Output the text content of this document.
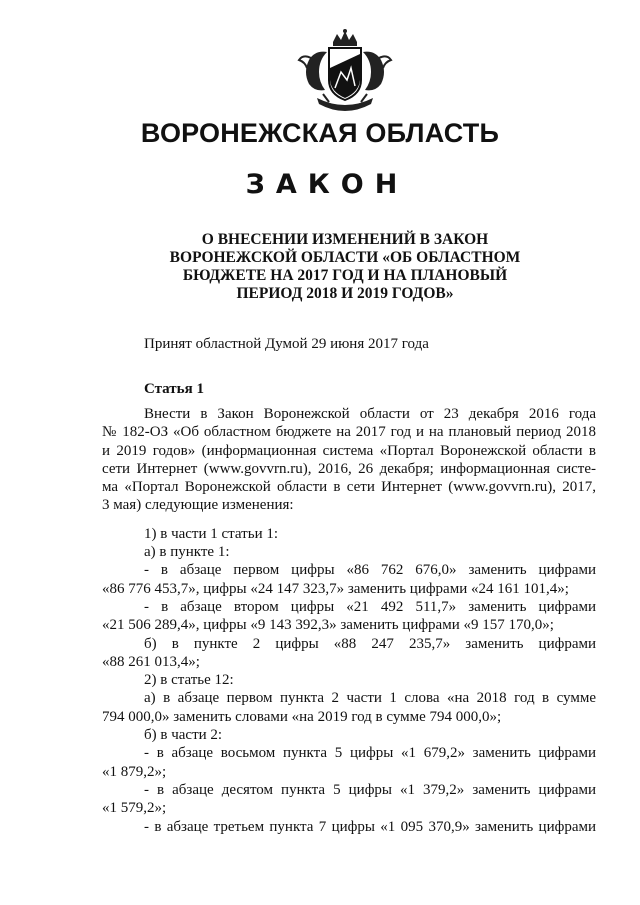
ВОРОНЕЖСКАЯ ОБЛАСТЬ
ЗАКОН
О ВНЕСЕНИИ ИЗМЕНЕНИЙ В ЗАКОН
ВОРОНЕЖСКОЙ ОБЛАСТИ «ОБ ОБЛАСТНОМ
БЮДЖЕТЕ НА 2017 ГОД И НА ПЛАНОВЫЙ
ПЕРИОД 2018 И 2019 ГОДОВ»
Принят областной Думой 29 июня 2017 года
Статья 1
Внести в Закон Воронежской области от 23 декабря 2016 года
№ 182-ОЗ «Об областном бюджете на 2017 год и на плановый период 2018
и 2019 годов» (информационная система «Портал Воронежской области в
сети Интернет (www.govvrn.ru), 2016, 26 декабря; информационная систе-
ма «Портал Воронежской области в сети Интернет (www.govvrn.ru), 2017,
3 мая) следующие изменения:
1) в части 1 статьи 1:
а) в пункте 1:
- в абзаце первом цифры «86 762 676,0» заменить цифрами
«86 776 453,7», цифры «24 147 323,7» заменить цифрами «24 161 101,4»;
- в абзаце втором цифры «21 492 511,7» заменить цифрами
«21 506 289,4», цифры «9 143 392,3» заменить цифрами «9 157 170,0»;
б) в пункте 2 цифры «88 247 235,7» заменить цифрами
«88 261 013,4»;
2) в статье 12:
а) в абзаце первом пункта 2 части 1 слова «на 2018 год в сумме
794 000,0» заменить словами «на 2019 год в сумме 794 000,0»;
б) в части 2:
- в абзаце восьмом пункта 5 цифры «1 679,2» заменить цифрами
«1 879,2»;
- в абзаце десятом пункта 5 цифры «1 379,2» заменить цифрами
«1 579,2»;
- в абзаце третьем пункта 7 цифры «1 095 370,9» заменить цифрами
